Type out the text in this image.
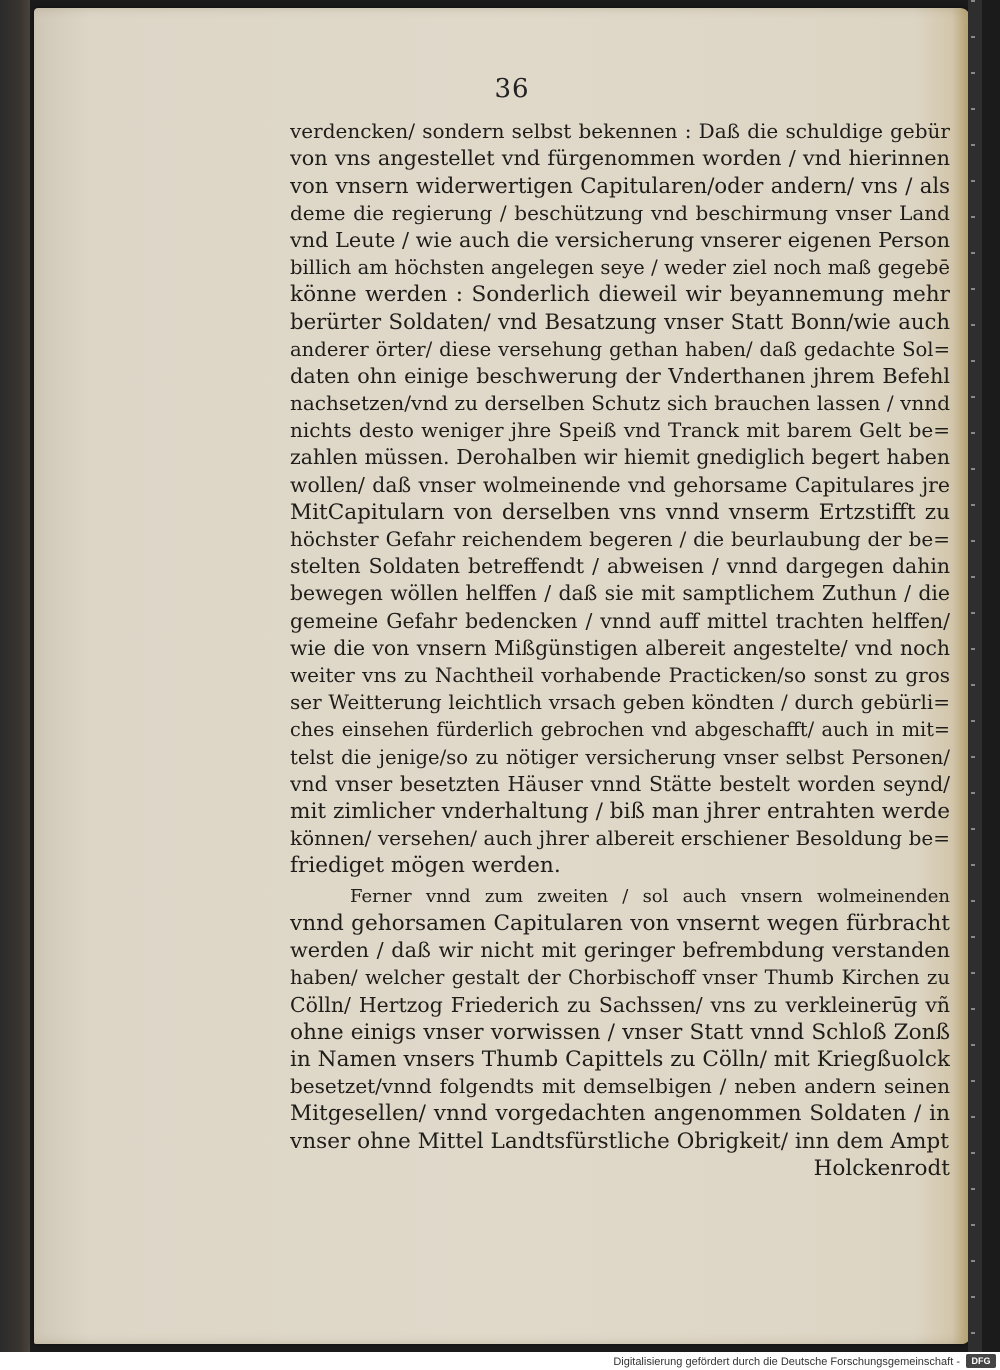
36
verdencken/ sondern selbst bekennen : Daß die schuldige gebür
von vns angestellet vnd fürgenommen worden / vnd hierinnen
von vnsern widerwertigen Capitularen/oder andern/ vns / als
deme die regierung / beschützung vnd beschirmung vnser Land
vnd Leute / wie auch die versicherung vnserer eigenen Person
billich am höchsten angelegen seye / weder ziel noch maß gegebē
könne werden : Sonderlich dieweil wir beyannemung mehr
berürter Soldaten/ vnd Besatzung vnser Statt Bonn/wie auch
anderer örter/ diese versehung gethan haben/ daß gedachte Sol=
daten ohn einige beschwerung der Vnderthanen jhrem Befehl
nachsetzen/vnd zu derselben Schutz sich brauchen lassen / vnnd
nichts desto weniger jhre Speiß vnd Tranck mit barem Gelt be=
zahlen müssen. Derohalben wir hiemit gnediglich begert haben
wollen/ daß vnser wolmeinende vnd gehorsame Capitulares jre
MitCapitularn von derselben vns vnnd vnserm Ertzstifft zu
höchster Gefahr reichendem begeren / die beurlaubung der be=
stelten Soldaten betreffendt / abweisen / vnnd dargegen dahin
bewegen wöllen helffen / daß sie mit samptlichem Zuthun / die
gemeine Gefahr bedencken / vnnd auff mittel trachten helffen/
wie die von vnsern Mißgünstigen albereit angestelte/ vnd noch
weiter vns zu Nachtheil vorhabende Practicken/so sonst zu gros
ser Weitterung leichtlich vrsach geben köndten / durch gebürli=
ches einsehen fürderlich gebrochen vnd abgeschafft/ auch in mit=
telst die jenige/so zu nötiger versicherung vnser selbst Personen/
vnd vnser besetzten Häuser vnnd Stätte bestelt worden seynd/
mit zimlicher vnderhaltung / biß man jhrer entrahten werde
können/ versehen/ auch jhrer albereit erschiener Besoldung be=
friediget mögen werden.
Ferner vnnd zum zweiten / sol auch vnsern wolmeinenden
vnnd gehorsamen Capitularen von vnsernt wegen fürbracht
werden / daß wir nicht mit geringer befrembdung verstanden
haben/ welcher gestalt der Chorbischoff vnser Thumb Kirchen zu
Cölln/ Hertzog Friederich zu Sachssen/ vns zu verkleinerūg vñ
ohne einigs vnser vorwissen / vnser Statt vnnd Schloß Zonß
in Namen vnsers Thumb Capittels zu Cölln/ mit Kriegßuolck
besetzet/vnnd folgendts mit demselbigen / neben andern seinen
Mitgesellen/ vnnd vorgedachten angenommen Soldaten / in
vnser ohne Mittel Landtsfürstliche Obrigkeit/ inn dem Ampt
Holckenrodt
Digitalisierung gefördert durch die Deutsche Forschungsgemeinschaft -	DFG
